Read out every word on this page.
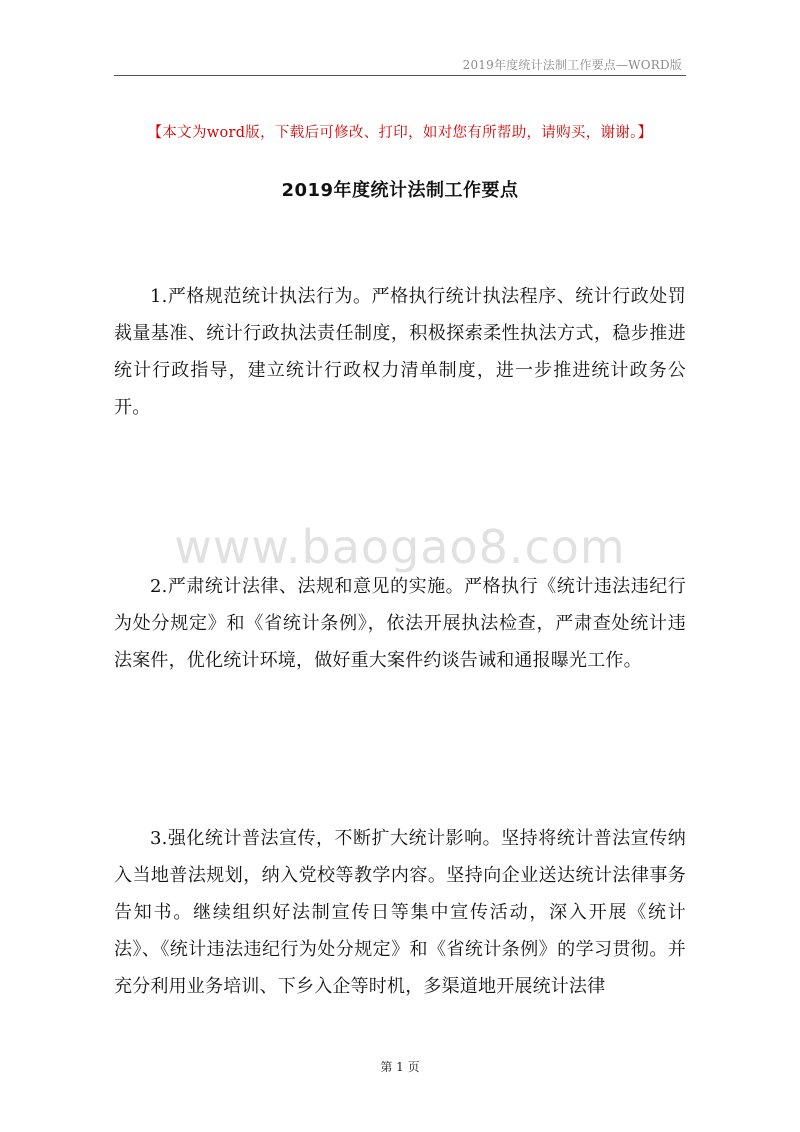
2019年度统计法制工作要点—WORD版
【本文为word版，下载后可修改、打印，如对您有所帮助，请购买，谢谢。】
2019年度统计法制工作要点

1.严格规范统计执法行为。严格执行统计执法程序、统计行政处罚裁量基准、统计行政执法责任制度，积极探索柔性执法方式，稳步推进统计行政指导，建立统计行政权力清单制度，进一步推进统计政务公开。

www.baogao8.com

2.严肃统计法律、法规和意见的实施。严格执行《统计违法违纪行为处分规定》和《省统计条例》，依法开展执法检查，严肃查处统计违法案件，优化统计环境，做好重大案件约谈告诫和通报曝光工作。

3.强化统计普法宣传，不断扩大统计影响。坚持将统计普法宣传纳入当地普法规划，纳入党校等教学内容。坚持向企业送达统计法律事务告知书。继续组织好法制宣传日等集中宣传活动，深入开展《统计法》、《统计违法违纪行为处分规定》和《省统计条例》的学习贯彻。并充分利用业务培训、下乡入企等时机，多渠道地开展统计法律

第 1 页
